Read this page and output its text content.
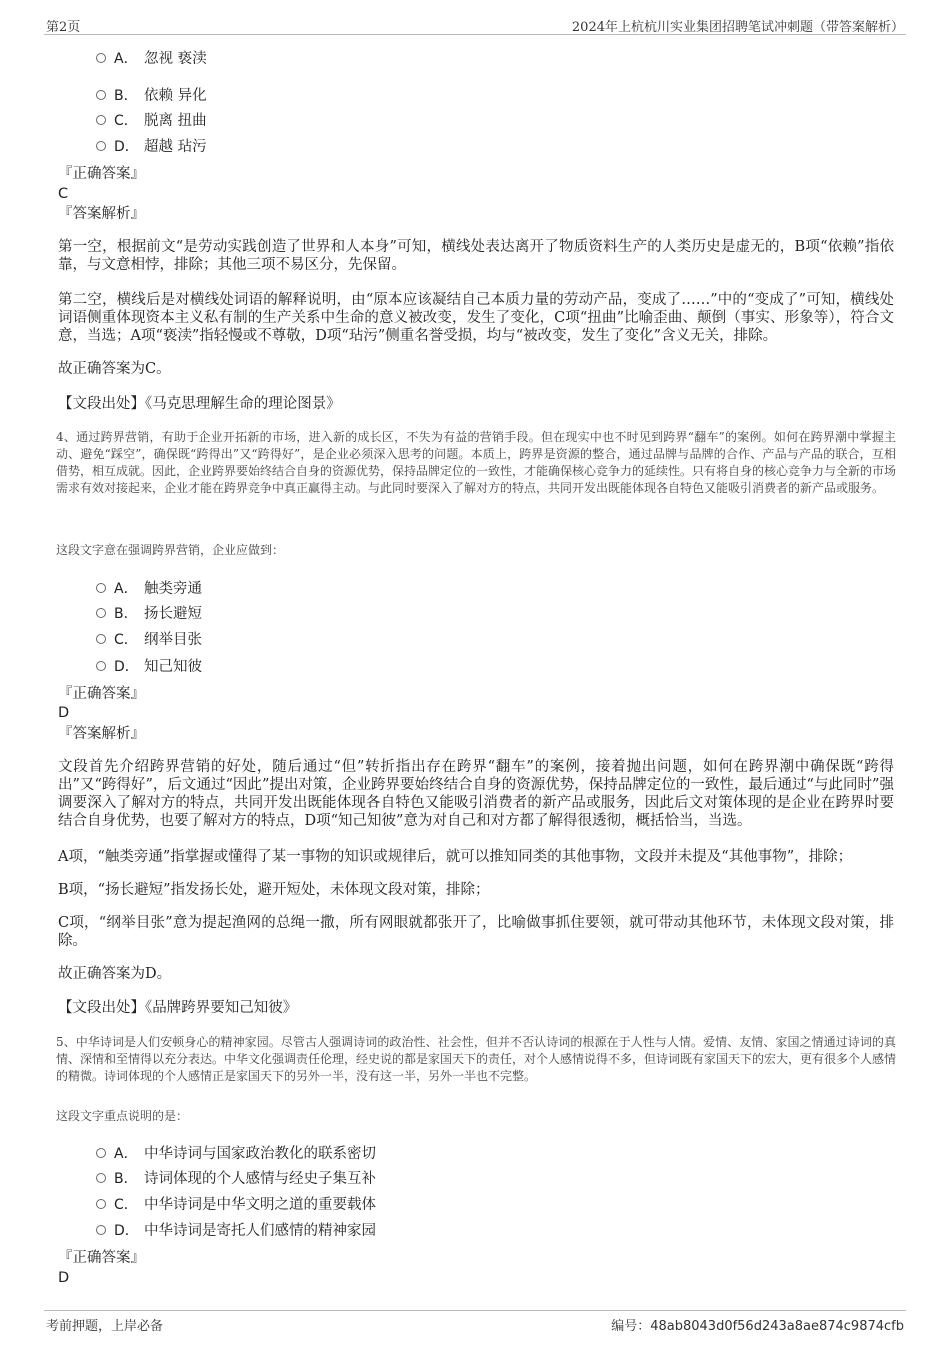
第2页	2024年上杭杭川实业集团招聘笔试冲刺题（带答案解析）
A． 忽视 亵渎
B． 依赖 异化
C． 脱离 扭曲
D． 超越 玷污
『正确答案』
C
『答案解析』
第一空，根据前文“是劳动实践创造了世界和人本身”可知，横线处表达离开了物质资料生产的人类历史是虚无的，B项“依赖”指依靠，与文意相悖，排除；其他三项不易区分，先保留。
第二空，横线后是对横线处词语的解释说明，由“原本应该凝结自己本质力量的劳动产品，变成了……”中的“变成了”可知，横线处词语侧重体现资本主义私有制的生产关系中生命的意义被改变，发生了变化，C项“扭曲”比喻歪曲、颠倒（事实、形象等），符合文意，当选；A项“亵渎”指轻慢或不尊敬，D项“玷污”侧重名誉受损，均与“被改变，发生了变化”含义无关，排除。
故正确答案为C。
【文段出处】《马克思理解生命的理论图景》
4、通过跨界营销，有助于企业开拓新的市场，进入新的成长区，不失为有益的营销手段。但在现实中也不时见到跨界“翻车”的案例。如何在跨界潮中掌握主动、避免“踩空”，确保既“跨得出”又“跨得好”，是企业必须深入思考的问题。本质上，跨界是资源的整合，通过品牌与品牌的合作、产品与产品的联合，互相借势，相互成就。因此，企业跨界要始终结合自身的资源优势，保持品牌定位的一致性，才能确保核心竞争力的延续性。只有将自身的核心竞争力与全新的市场需求有效对接起来，企业才能在跨界竞争中真正赢得主动。与此同时要深入了解对方的特点，共同开发出既能体现各自特色又能吸引消费者的新产品或服务。
这段文字意在强调跨界营销，企业应做到：
A． 触类旁通
B． 扬长避短
C． 纲举目张
D． 知己知彼
『正确答案』
D
『答案解析』
文段首先介绍跨界营销的好处，随后通过“但”转折指出存在跨界“翻车”的案例，接着抛出问题，如何在跨界潮中确保既“跨得出”又“跨得好”，后文通过“因此”提出对策，企业跨界要始终结合自身的资源优势，保持品牌定位的一致性，最后通过“与此同时”强调要深入了解对方的特点，共同开发出既能体现各自特色又能吸引消费者的新产品或服务，因此后文对策体现的是企业在跨界时要结合自身优势，也要了解对方的特点，D项“知己知彼”意为对自己和对方都了解得很透彻，概括恰当，当选。
A项，“触类旁通”指掌握或懂得了某一事物的知识或规律后，就可以推知同类的其他事物，文段并未提及“其他事物”，排除；
B项，“扬长避短”指发扬长处，避开短处，未体现文段对策，排除；
C项，“纲举目张”意为提起渔网的总绳一撒，所有网眼就都张开了，比喻做事抓住要领，就可带动其他环节，未体现文段对策，排除。
故正确答案为D。
【文段出处】《品牌跨界要知己知彼》
5、中华诗词是人们安顿身心的精神家园。尽管古人强调诗词的政治性、社会性，但并不否认诗词的根源在于人性与人情。爱情、友情、家国之情通过诗词的真情、深情和至情得以充分表达。中华文化强调责任伦理，经史说的都是家国天下的责任，对个人感情说得不多，但诗词既有家国天下的宏大，更有很多个人感情的精微。诗词体现的个人感情正是家国天下的另外一半，没有这一半，另外一半也不完整。
这段文字重点说明的是：
A． 中华诗词与国家政治教化的联系密切
B． 诗词体现的个人感情与经史子集互补
C． 中华诗词是中华文明之道的重要载体
D． 中华诗词是寄托人们感情的精神家园
『正确答案』
D
考前押题，上岸必备	编号：48ab8043d0f56d243a8ae874c9874cfb
